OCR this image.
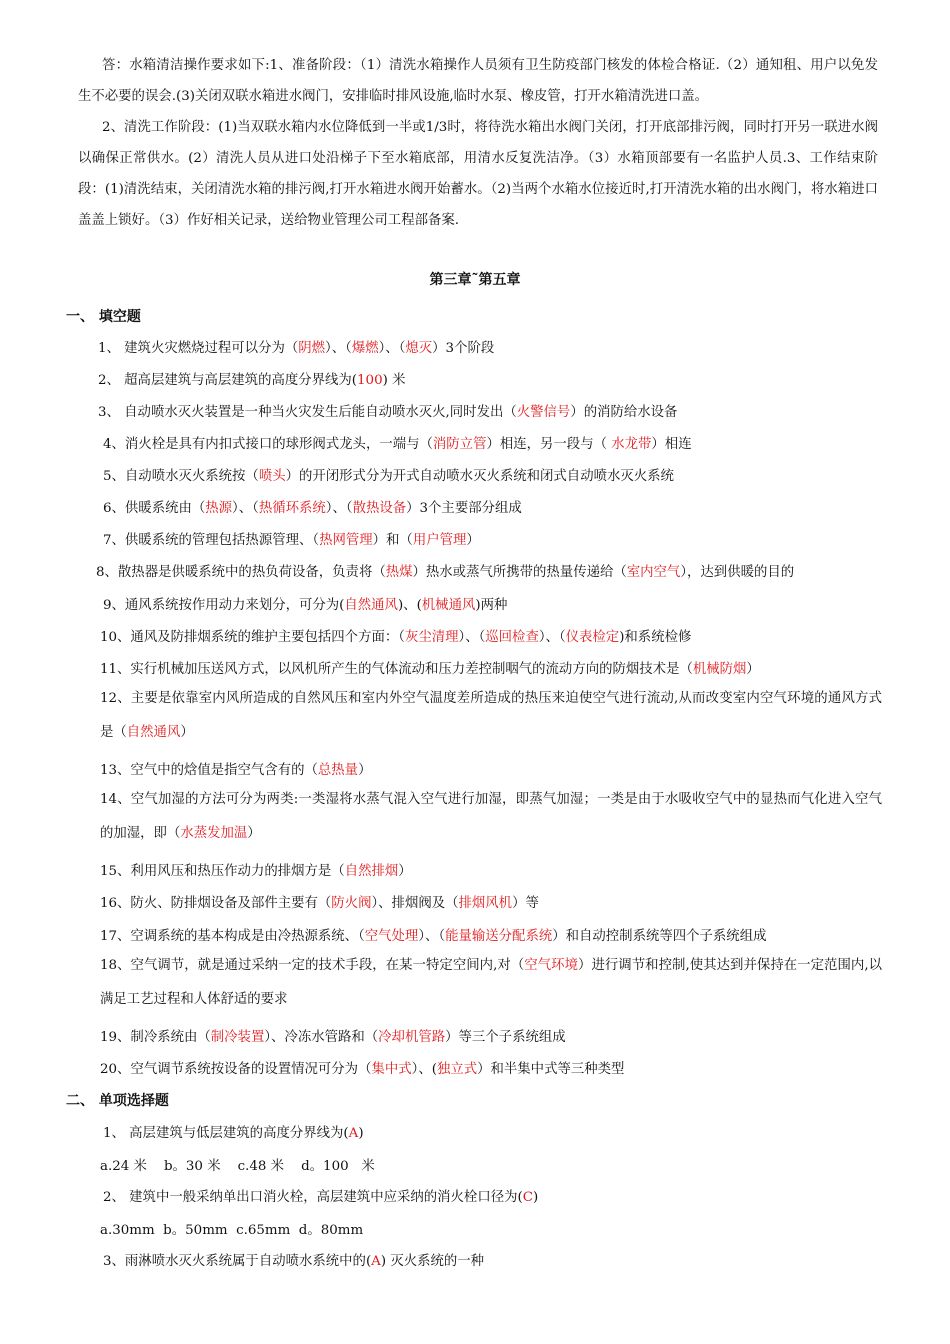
答：水箱清洁操作要求如下:1、准备阶段：（1）清洗水箱操作人员须有卫生防疫部门核发的体检合格证.（2）通知租、用户以免发生不必要的误会.(3)关闭双联水箱进水阀门，安排临时排风设施,临时水泵、橡皮管，打开水箱清洗进口盖。

2、清洗工作阶段：(1)当双联水箱内水位降低到一半或1/3时，将待洗水箱出水阀门关闭，打开底部排污阀，同时打开另一联进水阀以确保正常供水。(2）清洗人员从进口处沿梯子下至水箱底部，用清水反复洗洁净。（3）水箱顶部要有一名监护人员.3、工作结束阶段：(1)清洗结束，关闭清洗水箱的排污阀,打开水箱进水阀开始蓄水。（2)当两个水箱水位接近时,打开清洗水箱的出水阀门，将水箱进口盖盖上锁好。（3）作好相关记录，送给物业管理公司工程部备案.

第三章˜第五章
一、 填空题
1、 建筑火灾燃烧过程可以分为（阴燃）、（爆燃）、（熄灭）3个阶段
2、 超高层建筑与高层建筑的高度分界线为(100) 米
3、 自动喷水灭火装置是一种当火灾发生后能自动喷水灭火,同时发出（火警信号）的消防给水设备
4、消火栓是具有内扣式接口的球形阀式龙头，一端与（消防立管）相连，另一段与（ 水龙带）相连
5、自动喷水灭火系统按（喷头）的开闭形式分为开式自动喷水灭火系统和闭式自动喷水灭火系统
6、供暖系统由（热源）、（热循环系统）、（散热设备）3个主要部分组成
7、供暖系统的管理包括热源管理、（热网管理）和（用户管理）
8、散热器是供暖系统中的热负荷设备，负责将（热煤）热水或蒸气所携带的热量传递给（室内空气），达到供暖的目的
9、通风系统按作用动力来划分，可分为(自然通风)、(机械通风)两种
10、通风及防排烟系统的维护主要包括四个方面：（灰尘清理）、（巡回检查）、（仪表检定)和系统检修
11、实行机械加压送风方式，以风机所产生的气体流动和压力差控制咽气的流动方向的防烟技术是（机械防烟）
12、主要是依靠室内风所造成的自然风压和室内外空气温度差所造成的热压来迫使空气进行流动,从而改变室内空气环境的通风方式是（自然通风）
13、空气中的焓值是指空气含有的（总热量）
14、空气加湿的方法可分为两类:一类湿将水蒸气混入空气进行加湿，即蒸气加湿；一类是由于水吸收空气中的显热而气化进入空气的加湿，即（水蒸发加温）
15、利用风压和热压作动力的排烟方是（自然排烟）
16、防火、防排烟设备及部件主要有（防火阀）、排烟阀及（排烟风机）等
17、空调系统的基本构成是由冷热源系统、（空气处理）、（能量输送分配系统）和自动控制系统等四个子系统组成
18、空气调节，就是通过采纳一定的技术手段，在某一特定空间内,对（空气环境）进行调节和控制,使其达到并保持在一定范围内,以满足工艺过程和人体舒适的要求
19、制冷系统由（制冷装置）、冷冻水管路和（冷却机管路）等三个子系统组成
20、空气调节系统按设备的设置情况可分为（集中式）、(独立式）和半集中式等三种类型
二、 单项选择题
1、 高层建筑与低层建筑的高度分界线为(A)
a.24 米    b。30 米    c.48 米    d。100   米
2、 建筑中一般采纳单出口消火栓，高层建筑中应采纳的消火栓口径为(C)
a.30mm  b。50mm  c.65mm  d。80mm
3、雨淋喷水灭火系统属于自动喷水系统中的(A) 灭火系统的一种
